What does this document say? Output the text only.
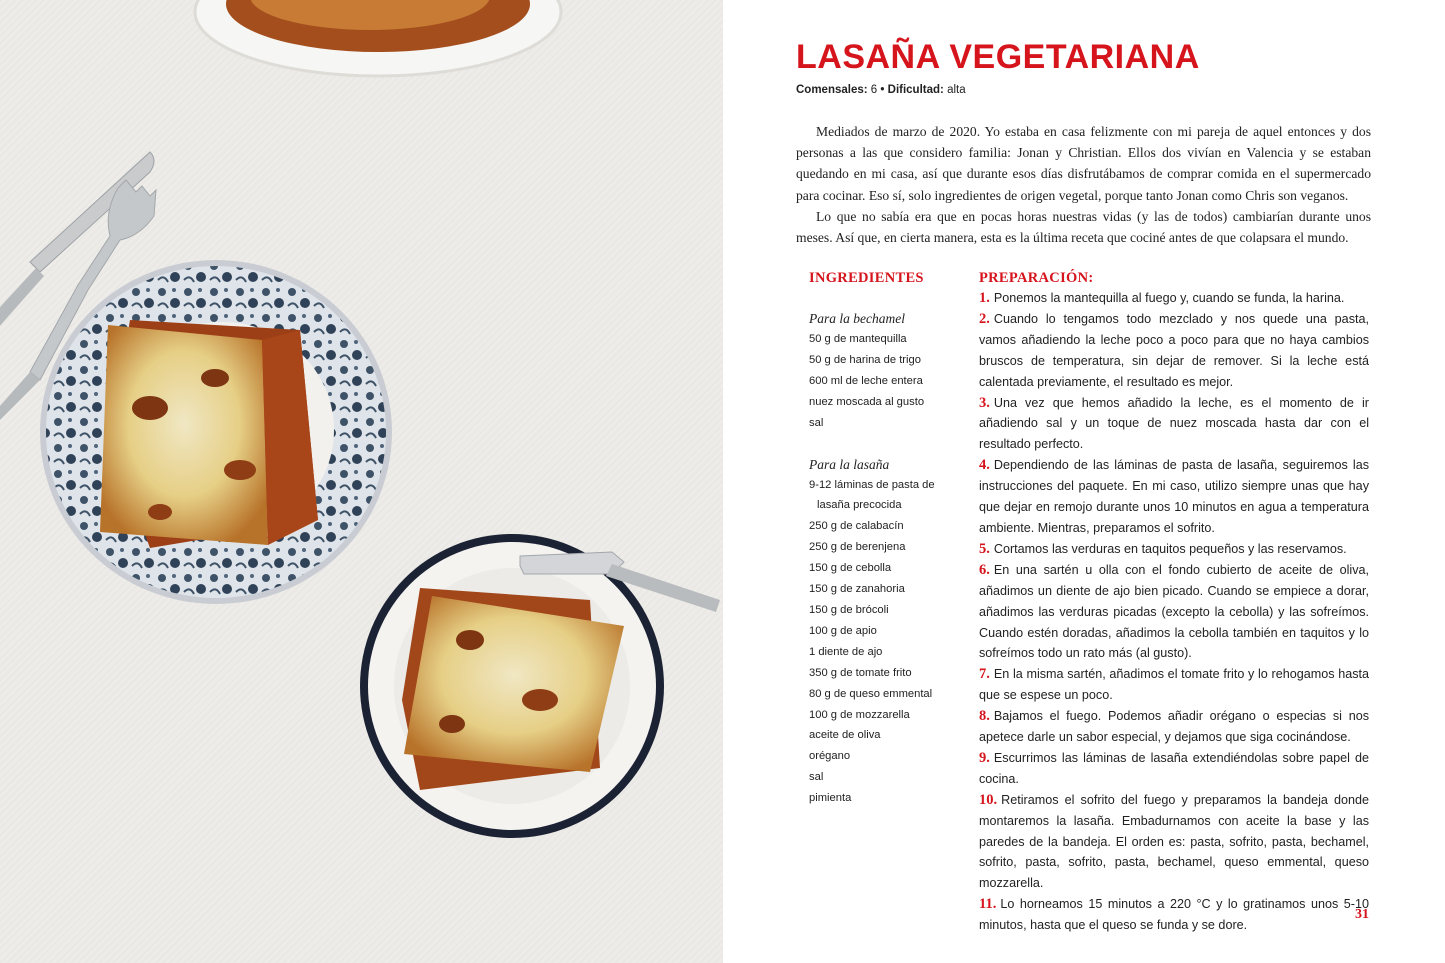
LASAÑA VEGETARIANA
Comensales: 6 • Dificultad: alta

Mediados de marzo de 2020. Yo estaba en casa felizmente con mi pareja de aquel entonces y dos personas a las que considero familia: Jonan y Christian. Ellos dos vivían en Valencia y se estaban quedando en mi casa, así que durante esos días disfrutábamos de comprar comida en el supermercado para cocinar. Eso sí, solo ingredientes de origen vegetal, porque tanto Jonan como Chris son veganos.

Lo que no sabía era que en pocas horas nuestras vidas (y las de todos) cambiarían durante unos meses. Así que, en cierta manera, esta es la última receta que cociné antes de que colapsara el mundo.

INGREDIENTES
Para la bechamel
50 g de mantequilla
50 g de harina de trigo
600 ml de leche entera
nuez moscada al gusto
sal
Para la lasaña
9-12 láminas de pasta de
lasaña precocida
250 g de calabacín
250 g de berenjena
150 g de cebolla
150 g de zanahoria
150 g de brócoli
100 g de apio
1 diente de ajo
350 g de tomate frito
80 g de queso emmental
100 g de mozzarella
aceite de oliva
orégano
sal
pimienta
PREPARACIÓN:
1. Ponemos la mantequilla al fuego y, cuando se funda, la harina.
2. Cuando lo tengamos todo mezclado y nos quede una pasta, vamos añadiendo la leche poco a poco para que no haya cambios bruscos de temperatura, sin dejar de remover. Si la leche está calentada previamente, el resultado es mejor.
3. Una vez que hemos añadido la leche, es el momento de ir añadiendo sal y un toque de nuez moscada hasta dar con el resultado perfecto.
4. Dependiendo de las láminas de pasta de lasaña, seguiremos las instrucciones del paquete. En mi caso, utilizo siempre unas que hay que dejar en remojo durante unos 10 minutos en agua a temperatura ambiente. Mientras, preparamos el sofrito.
5. Cortamos las verduras en taquitos pequeños y las reservamos.
6. En una sartén u olla con el fondo cubierto de aceite de oliva, añadimos un diente de ajo bien picado. Cuando se empiece a dorar, añadimos las verduras picadas (excepto la cebolla) y las sofreímos. Cuando estén doradas, añadimos la cebolla también en taquitos y lo sofreímos todo un rato más (al gusto).
7. En la misma sartén, añadimos el tomate frito y lo rehogamos hasta que se espese un poco.
8. Bajamos el fuego. Podemos añadir orégano o especias si nos apetece darle un sabor especial, y dejamos que siga cocinándose.
9. Escurrimos las láminas de lasaña extendiéndolas sobre papel de cocina.
10. Retiramos el sofrito del fuego y preparamos la bandeja donde montaremos la lasaña. Embadurnamos con aceite la base y las paredes de la bandeja. El orden es: pasta, sofrito, pasta, bechamel, sofrito, pasta, sofrito, pasta, bechamel, queso emmental, queso mozzarella.
11. Lo horneamos 15 minutos a 220 °C y lo gratinamos unos 5-10 minutos, hasta que el queso se funda y se dore.
31
